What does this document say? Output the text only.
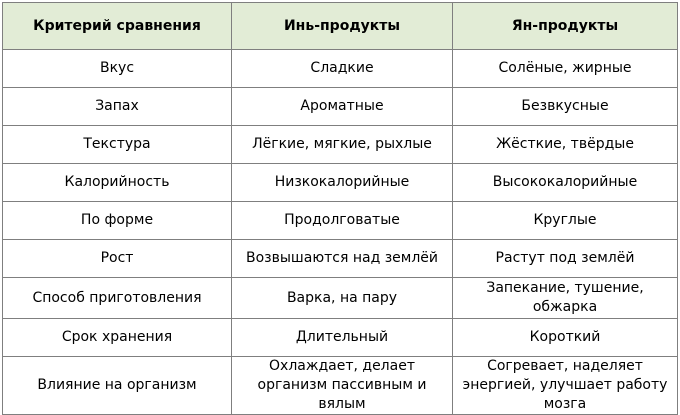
Критерий сравнения	Инь-продукты	Ян-продукты
Вкус	Сладкие	Солёные, жирные
Запах	Ароматные	Безвкусные
Текстура	Лёгкие, мягкие, рыхлые	Жёсткие, твёрдые
Калорийность	Низкокалорийные	Высококалорийные
По форме	Продолговатые	Круглые
Рост	Возвышаются над землёй	Растут под землёй
Способ приготовления	Варка, на пару	Запекание, тушение, обжарка
Срок хранения	Длительный	Короткий
Влияние на организм	Охлаждает, делает организм пассивным и вялым	Согревает, наделяет энергией, улучшает работу мозга
